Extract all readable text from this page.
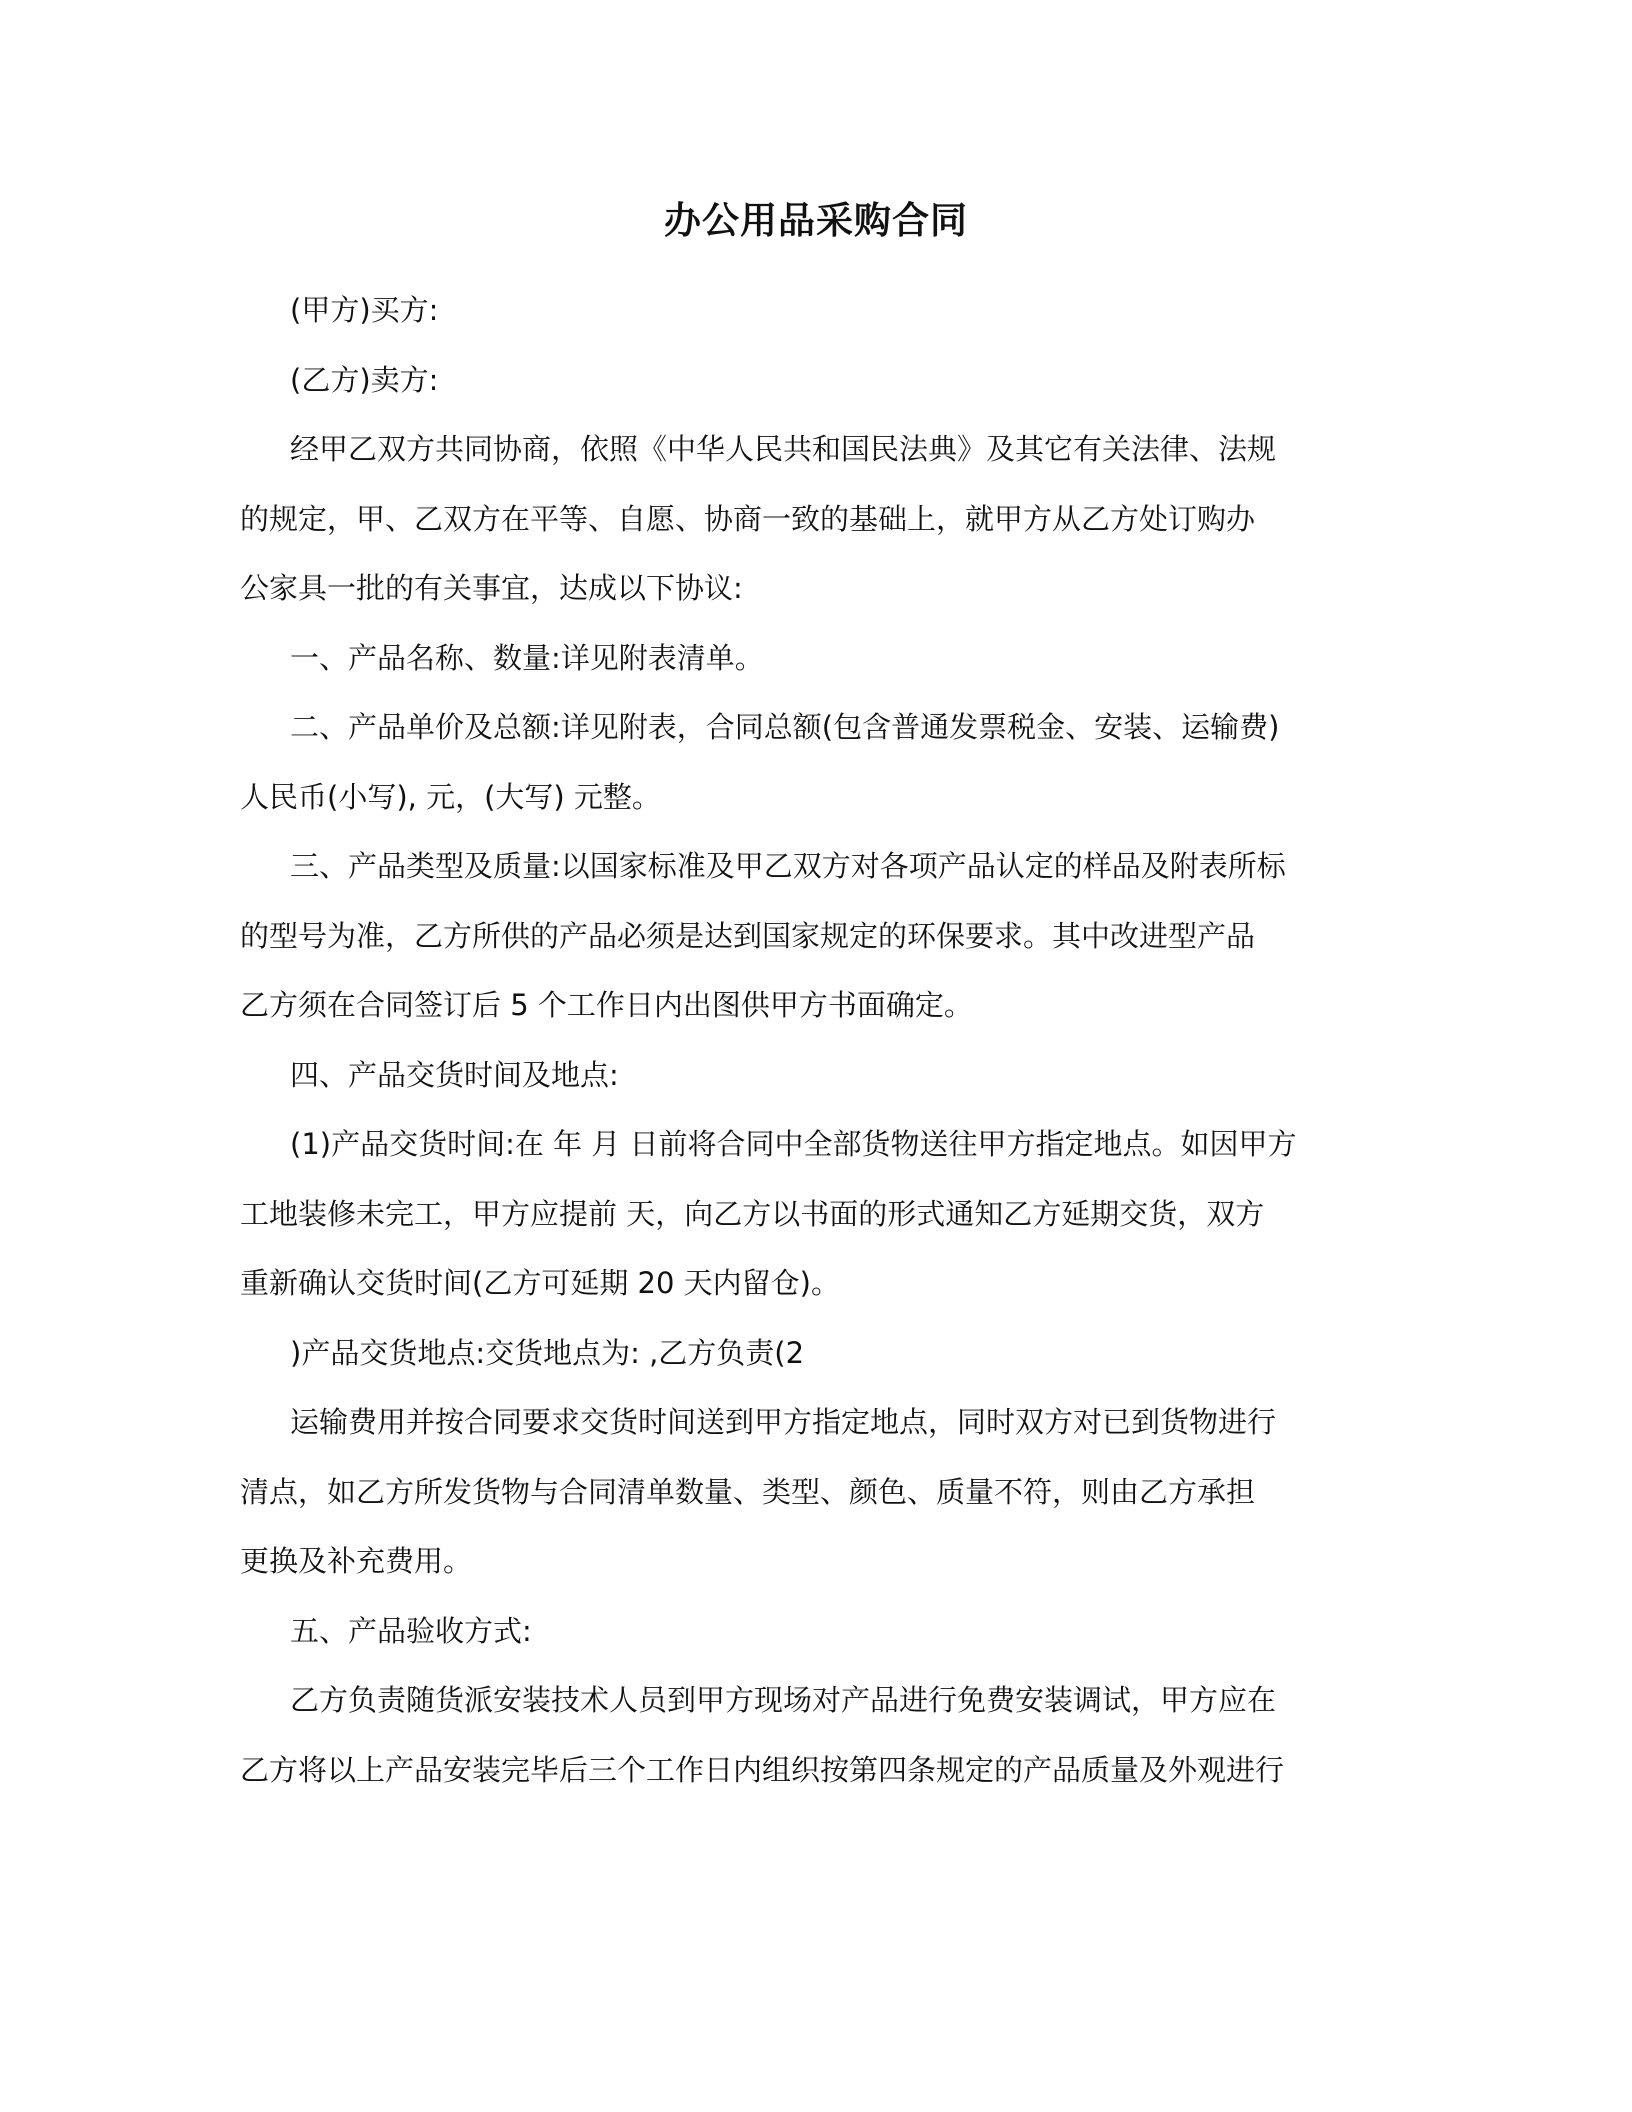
办公用品采购合同

(甲方)买方:

(乙方)卖方:

经甲乙双方共同协商，依照《中华人民共和国民法典》及其它有关法律、法规

的规定，甲、乙双方在平等、自愿、协商一致的基础上，就甲方从乙方处订购办

公家具一批的有关事宜，达成以下协议:

一、产品名称、数量:详见附表清单。

二、产品单价及总额:详见附表，合同总额(包含普通发票税金、安装、运输费)

人民币(小写), 元，(大写) 元整。

三、产品类型及质量:以国家标准及甲乙双方对各项产品认定的样品及附表所标

的型号为准，乙方所供的产品必须是达到国家规定的环保要求。其中改进型产品

乙方须在合同签订后 5 个工作日内出图供甲方书面确定。

四、产品交货时间及地点:

(1)产品交货时间:在 年 月 日前将合同中全部货物送往甲方指定地点。如因甲方

工地装修未完工，甲方应提前 天，向乙方以书面的形式通知乙方延期交货，双方

重新确认交货时间(乙方可延期 20 天内留仓)。

)产品交货地点:交货地点为: ,乙方负责(2

运输费用并按合同要求交货时间送到甲方指定地点，同时双方对已到货物进行

清点，如乙方所发货物与合同清单数量、类型、颜色、质量不符，则由乙方承担

更换及补充费用。

五、产品验收方式:

乙方负责随货派安装技术人员到甲方现场对产品进行免费安装调试，甲方应在

乙方将以上产品安装完毕后三个工作日内组织按第四条规定的产品质量及外观进行
